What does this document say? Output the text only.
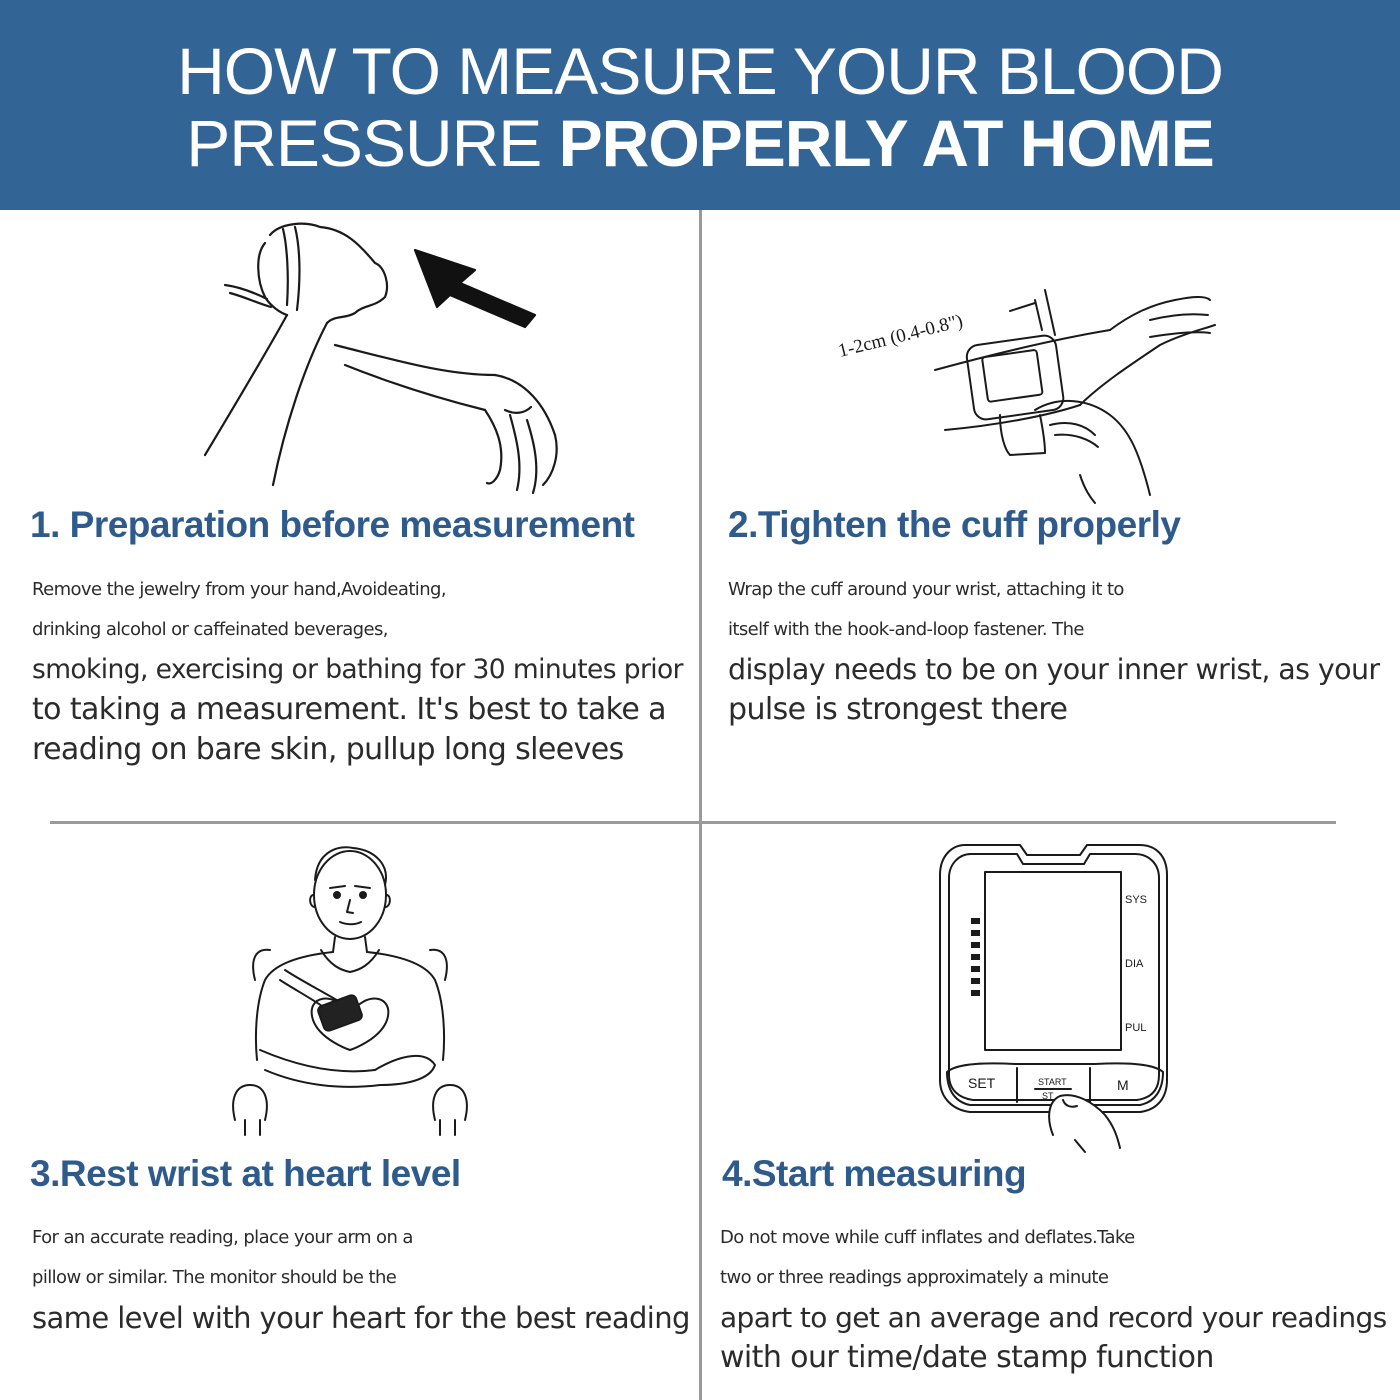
HOW TO MEASURE YOUR BLOOD
PRESSURE PROPERLY AT HOME
1-2cm (0.4-0.8")
SYS
DIA
PUL
SET	START
ST
M
1. Preparation before measurement
Remove the jewelry from your hand,Avoideating,
drinking alcohol or caffeinated beverages,
smoking, exercising or bathing for 30 minutes prior
to taking a measurement. It's best to take a
reading on bare skin, pullup long sleeves
2.Tighten the cuff properly
Wrap the cuff around your wrist, attaching it to
itself with the hook-and-loop fastener. The
display needs to be on your inner wrist, as your
pulse is strongest there
3.Rest wrist at heart level
For an accurate reading, place your arm on a
pillow or similar. The monitor should be the
same level with your heart for the best reading
4.Start measuring
Do not move while cuff inflates and deflates.Take
two or three readings approximately a minute
apart to get an average and record your readings
with our time/date stamp function
